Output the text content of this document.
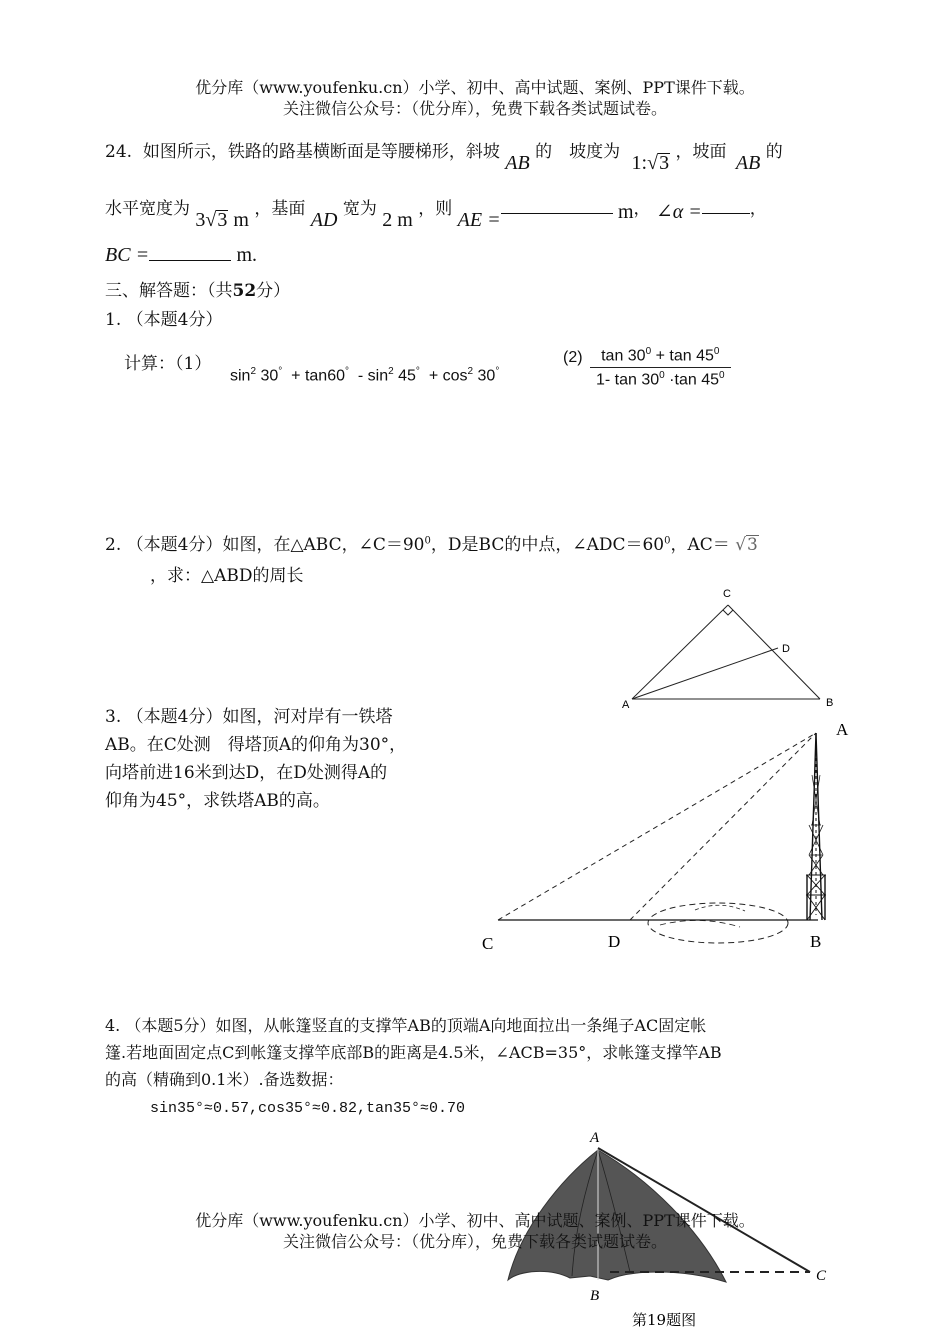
优分库（www.youfenku.cn）小学、初中、高中试题、案例、PPT课件下载。
关注微信公众号：（优分库），免费下载各类试题试卷。
24. 如图所示，铁路的路基横断面是等腰梯形，斜坡 AB 的　坡度为 1:√3 ，坡面 AB 的
水平宽度为 3√3 m ，基面 AD 宽为 2 m ，则 AE =	m， ∠α =	，
BC =	m.
三、解答题：（共52分）
1. （本题4分）
计算：（1）
$\sin^2 30^\circ + \tan 60^\circ - \sin^2 45^\circ + \cos^2 30^\circ$
$(2) \frac{\tan 30^0 + \tan 45^0}{1- \tan 30^0 \cdot\tan 45^0}$
2. （本题4分）如图，在△ABC，$\angle C=90^0$，D是BC的中点，$\angle ADC=60^0$，AC＝ √3
，求：△ABD的周长
C
D
A	B
3. （本题4分）如图，河对岸有一铁塔
AB。在C处测　得塔顶A的仰角为30°，
向塔前进16米到达D，在D处测得A的
仰角为45°，求铁塔AB的高。
A
C	D	B
4. （本题5分）如图，从帐篷竖直的支撑竿AB的顶端A向地面拉出一条绳子AC固定帐
篷.若地面固定点C到帐篷支撑竿底部B的距离是4.5米，∠ACB=35°，求帐篷支撑竿AB
的高（精确到0.1米）.备选数据：
sin35°≈0.57,cos35°≈0.82,tan35°≈0.70
A
B
C
第19题图
优分库（www.youfenku.cn）小学、初中、高中试题、案例、PPT课件下载。
关注微信公众号：（优分库），免费下载各类试题试卷。
